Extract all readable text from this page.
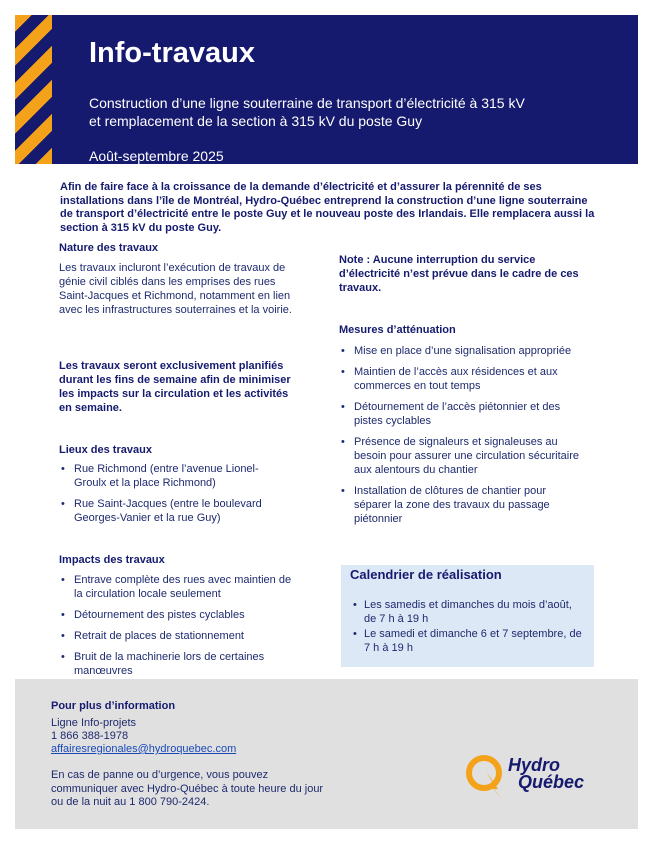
Info-travaux
Construction d’une ligne souterraine de transport d’électricité à 315 kV et remplacement de la section à 315 kV du poste Guy
Août-septembre 2025
Afin de faire face à la croissance de la demande d’électricité et d’assurer la pérennité de ses installations dans l’île de Montréal, Hydro-Québec entreprend la construction d’une ligne souterraine de transport d’électricité entre le poste Guy et le nouveau poste des Irlandais. Elle remplacera aussi la section à 315 kV du poste Guy.
Nature des travaux

Les travaux incluront l’exécution de travaux de génie civil ciblés dans les emprises des rues Saint-Jacques et Richmond, notamment en lien avec les infrastructures souterraines et la voirie.

Les travaux seront exclusivement planifiés durant les fins de semaine afin de minimiser les impacts sur la circulation et les activités en semaine.

Lieux des travaux
• Rue Richmond (entre l’avenue Lionel-Groulx et la place Richmond)
• Rue Saint-Jacques (entre le boulevard Georges-Vanier et la rue Guy)
Impacts des travaux
• Entrave complète des rues avec maintien de la circulation locale seulement
• Détournement des pistes cyclables
• Retrait de places de stationnement
• Bruit de la machinerie lors de certaines manœuvres

Note : Aucune interruption du service d’électricité n’est prévue dans le cadre de ces travaux.

Mesures d’atténuation
• Mise en place d’une signalisation appropriée
• Maintien de l’accès aux résidences et aux commerces en tout temps
• Détournement de l’accès piétonnier et des pistes cyclables
• Présence de signaleurs et signaleuses au besoin pour assurer une circulation sécuritaire aux alentours du chantier
• Installation de clôtures de chantier pour séparer la zone des travaux du passage piétonnier
Calendrier de réalisation
• Les samedis et dimanches du mois d’août, de 7 h à 19 h
• Le samedi et dimanche 6 et 7 septembre, de 7 h à 19 h
Pour plus d’information
Ligne Info-projets
1 866 388-1978
affairesregionales@hydroquebec.com
En cas de panne ou d’urgence, vous pouvez communiquer avec Hydro-Québec à toute heure du jour ou de la nuit au 1 800 790-2424.
Hydro
Québec
